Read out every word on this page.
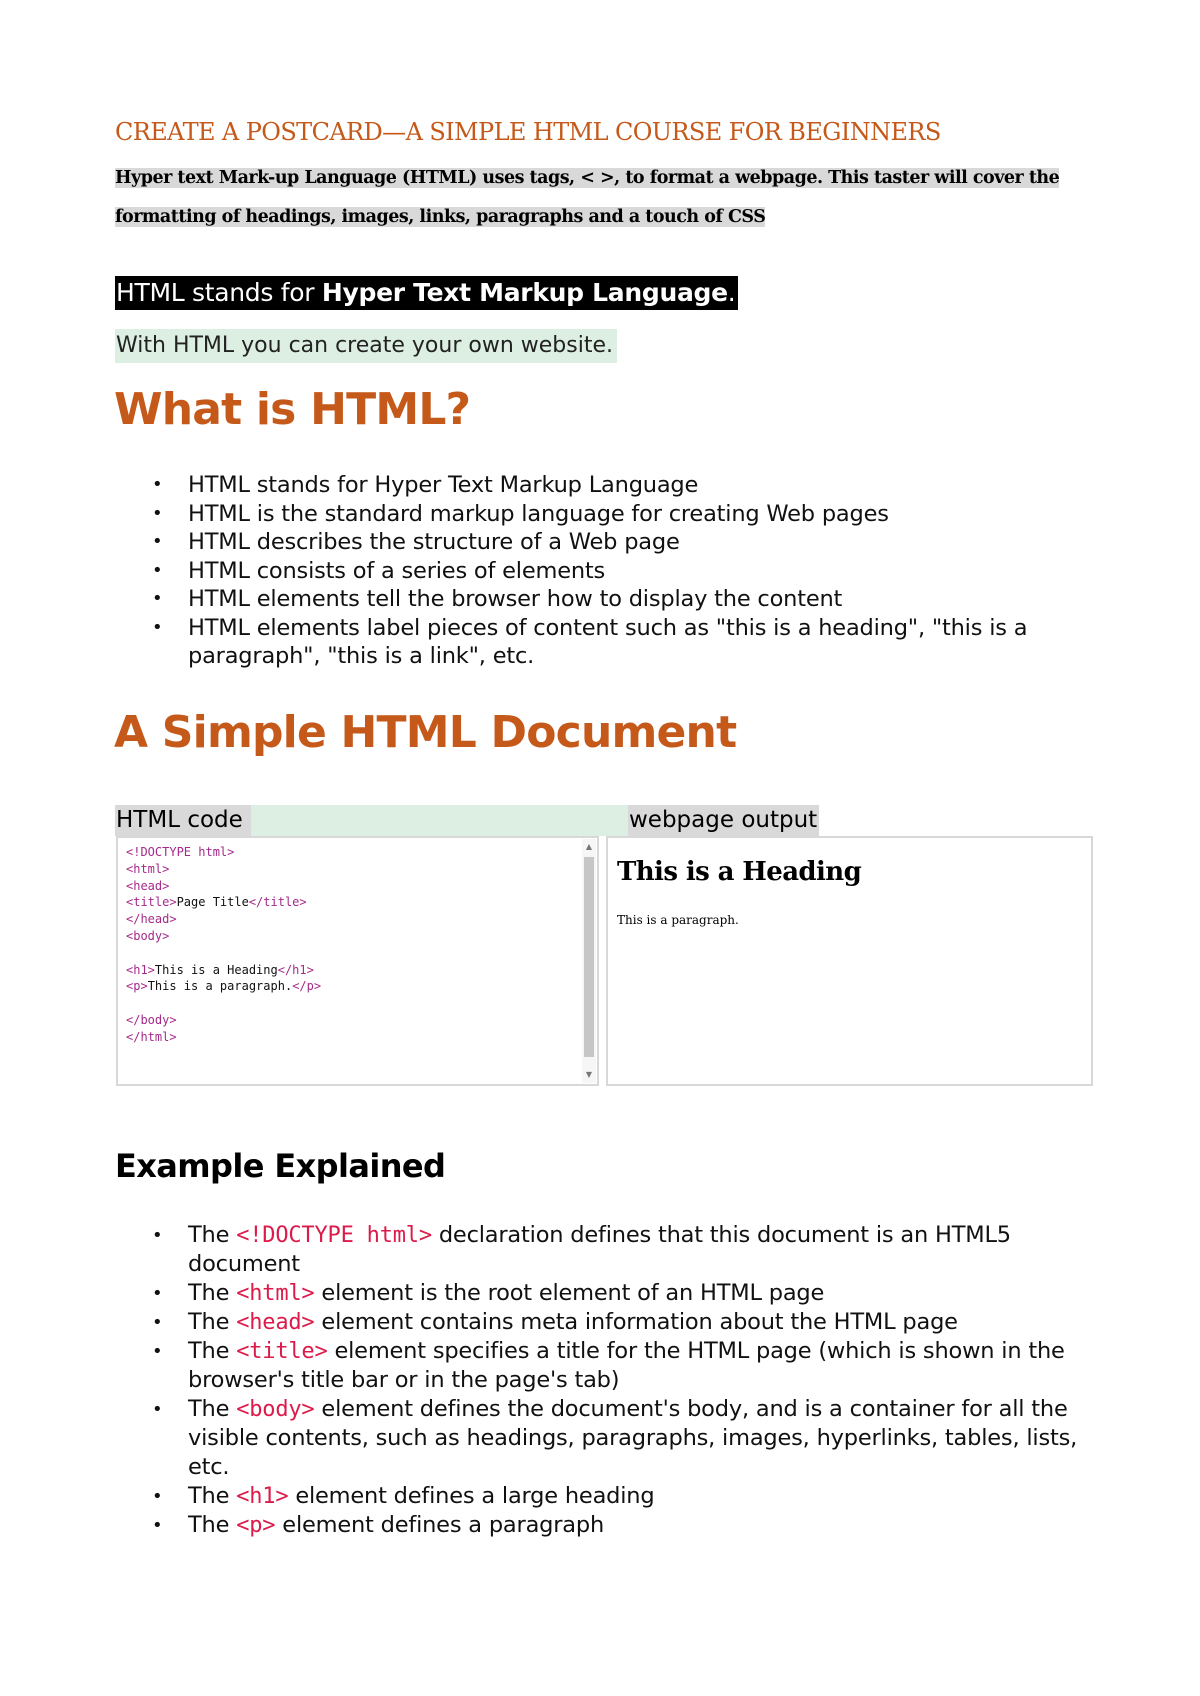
CREATE A POSTCARD—A SIMPLE HTML COURSE FOR BEGINNERS

Hyper text Mark-up Language (HTML) uses tags, < >, to format a webpage. This taster will cover the
formatting of headings, images, links, paragraphs and a touch of CSS

HTML stands for Hyper Text Markup Language.
With HTML you can create your own website.
What is HTML?
• HTML stands for Hyper Text Markup Language
• HTML is the standard markup language for creating Web pages
• HTML describes the structure of a Web page
• HTML consists of a series of elements
• HTML elements tell the browser how to display the content
• HTML elements label pieces of content such as "this is a heading", "this is a paragraph", "this is a link", etc.
A Simple HTML Document
HTML code	webpage output
<!DOCTYPE html>
<html>
<head>
<title>Page Title</title>
</head>
<body>
<h1>This is a Heading</h1>
<p>This is a paragraph.</p>
</body>
</html>
▲
▼
This is a Heading

This is a paragraph.

Example Explained
• The <!DOCTYPE html> declaration defines that this document is an HTML5 document
• The <html> element is the root element of an HTML page
• The <head> element contains meta information about the HTML page
• The <title> element specifies a title for the HTML page (which is shown in the browser's title bar or in the page's tab)
• The <body> element defines the document's body, and is a container for all the visible contents, such as headings, paragraphs, images, hyperlinks, tables, lists, etc.
• The <h1> element defines a large heading
• The <p> element defines a paragraph
